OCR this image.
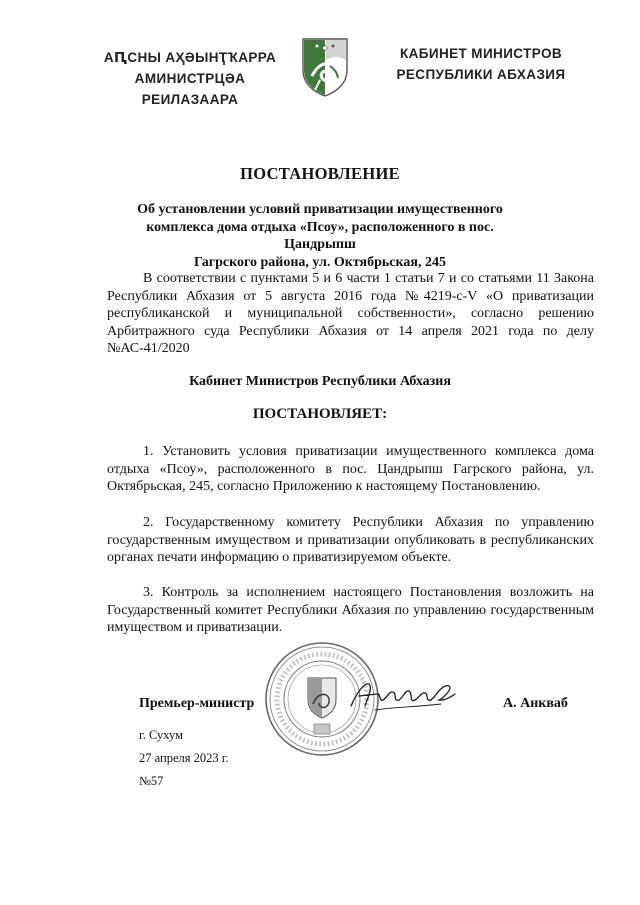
АԤСНЫ АҲӘЫНҬҠАРРА
АМИНИСТРЦӘА РЕИЛАЗААРА
КАБИНЕТ МИНИСТРОВ
РЕСПУБЛИКИ АБХАЗИЯ
ПОСТАНОВЛЕНИЕ
Об установлении условий приватизации имущественного
комплекса дома отдыха «Псоу», расположенного в пос. Цандрыпш
Гагрского района, ул. Октябрьская, 245
В соответствии с пунктами 5 и 6 части 1 статьи 7 и со статьями 11 Закона Республики Абхазия от 5 августа 2016 года №4219-с-V «О приватизации республиканской и муниципальной собственности», согласно решению Арбитражного суда Республики Абхазия от 14 апреля 2021 года по делу №АС-41/2020
Кабинет Министров Республики Абхазия
ПОСТАНОВЛЯЕТ:
1. Установить условия приватизации имущественного комплекса дома отдыха «Псоу», расположенного в пос. Цандрыпш Гагрского района, ул. Октябрьская, 245, согласно Приложению к настоящему Постановлению.
2. Государственному комитету Республики Абхазия по управлению государственным имуществом и приватизации опубликовать в республиканских органах печати информацию о приватизируемом объекте.
3. Контроль за исполнением настоящего Постановления возложить на Государственный комитет Республики Абхазия по управлению государственным имуществом и приватизации.
Премьер-министр	А. Анкваб
г. Сухум
27 апреля 2023 г.
№57
